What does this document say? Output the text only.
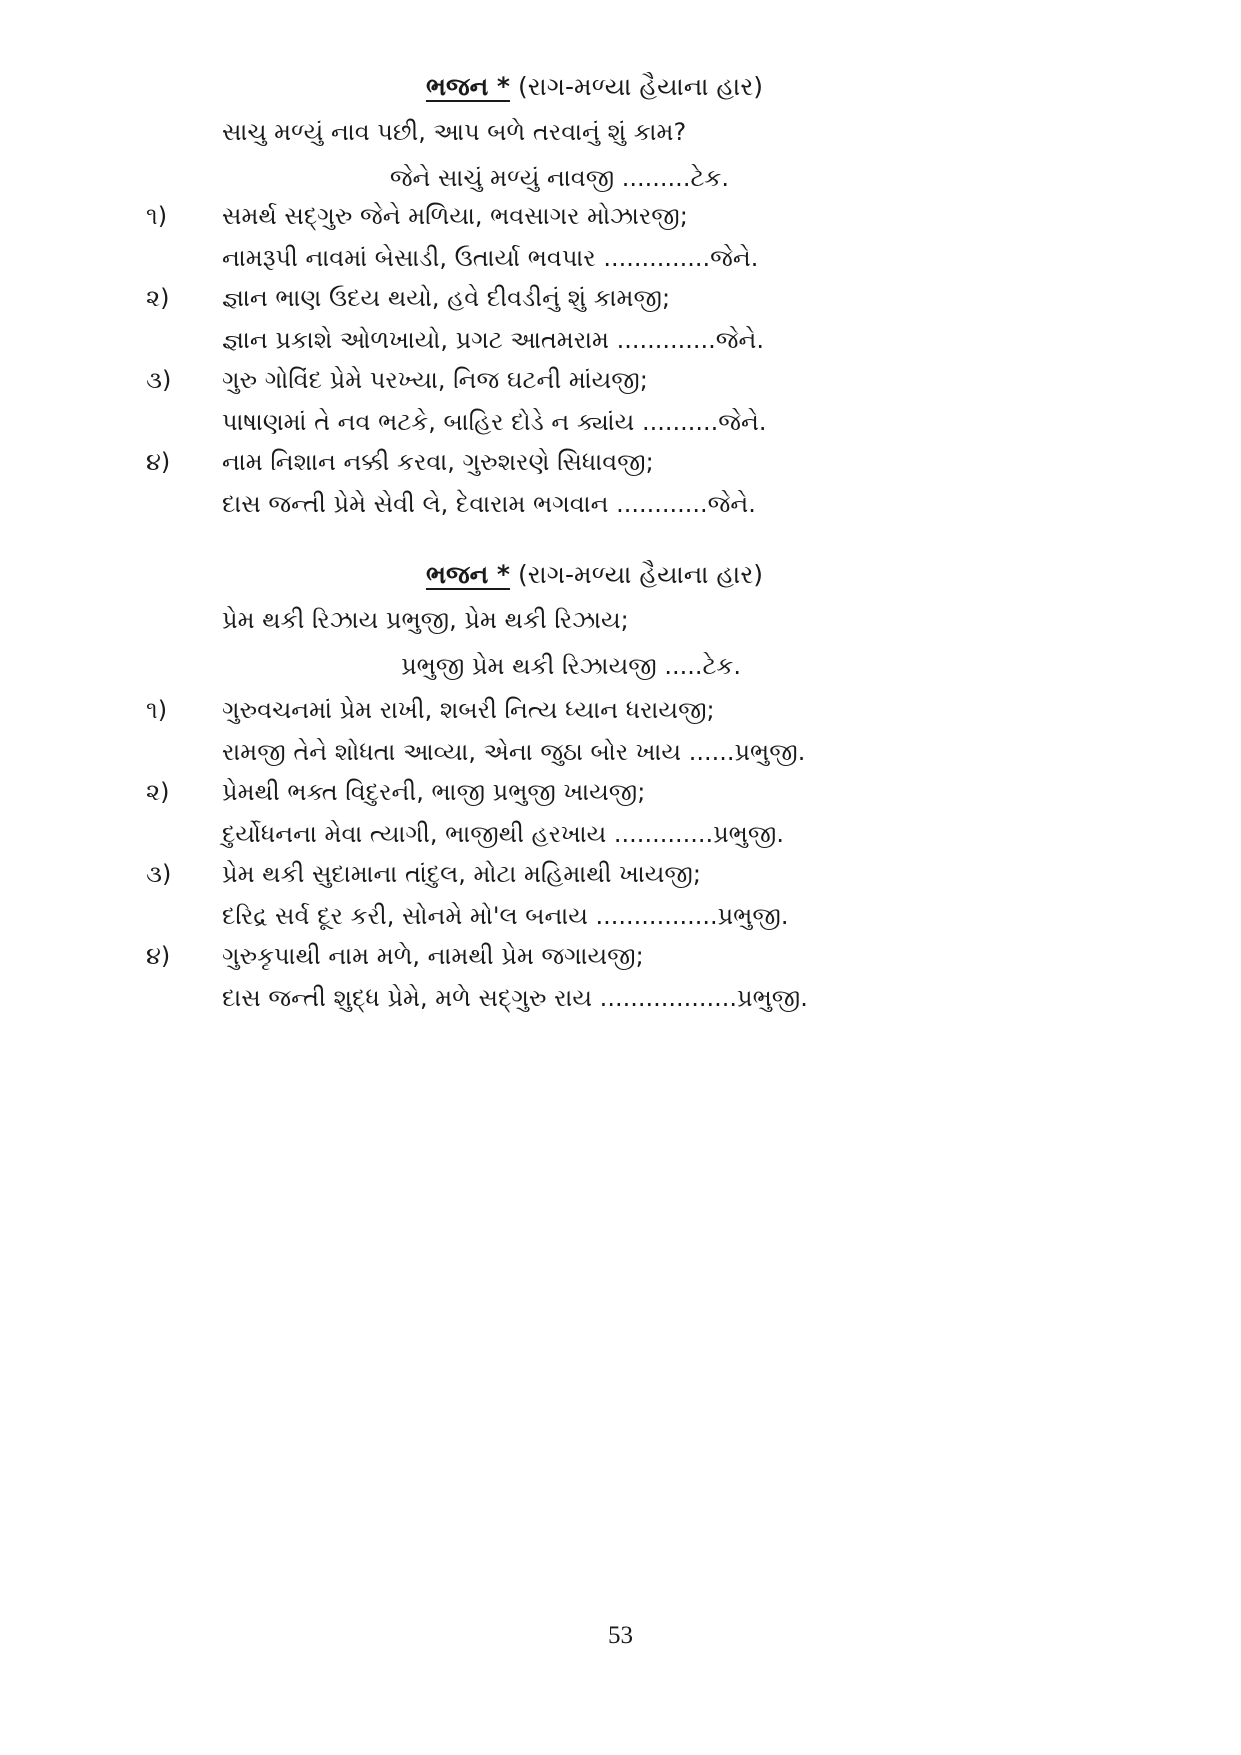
ભજન * (રાગ-મળ્યા હૈયાના હાર)
સાચુ મળ્યું નાવ પછી, આપ બળે તરવાનું શું કામ?
જેને સાચું મળ્યું નાવજી .........ટેક.
૧) સમર્થ સદ્‌ગુરુ જેને મળિયા, ભવસાગર મોઝારજી;
નામરૂપી નાવમાં બેસાડી, ઉતાર્યા ભવપાર ..............જેને.
૨) જ્ઞાન ભાણ ઉદય થયો, હવે દીવડીનું શું કામજી;
જ્ઞાન પ્રકાશે ઓળખાયો, પ્રગટ આતમરામ .............જેને.
૩) ગુરુ ગોવિંદ પ્રેમે પરખ્યા, નિજ ઘટની માંયજી;
પાષાણમાં તે નવ ભટકે, બાહિર દોડે ન ક્યાંય ..........જેને.
૪) નામ નિશાન નક્કી કરવા, ગુરુશરણે સિધાવજી;
દાસ જન્તી પ્રેમે સેવી લે, દેવારામ ભગવાન ............જેને.
ભજન * (રાગ-મળ્યા હૈયાના હાર)
પ્રેમ થકી રિઝાય પ્રભુજી, પ્રેમ થકી રિઝાય;
પ્રભુજી પ્રેમ થકી રિઝાયજી .....ટેક.
૧) ગુરુવચનમાં પ્રેમ રાખી, શબરી નિત્ય ધ્યાન ધરાયજી;
રામજી તેને શોધતા આવ્યા, એના જુઠા બોર ખાય ......પ્રભુજી.
૨) પ્રેમથી ભક્ત વિદુરની, ભાજી પ્રભુજી ખાયજી;
દુર્યોધનના મેવા ત્યાગી, ભાજીથી હરખાય .............પ્રભુજી.
૩) પ્રેમ થકી સુદામાના તાંદુલ, મોટા મહિમાથી ખાયજી;
દરિદ્ર સર્વ દૂર કરી, સોનમે મો'લ બનાય ................પ્રભુજી.
૪) ગુરુકૃપાથી નામ મળે, નામથી પ્રેમ જગાયજી;
દાસ જન્તી શુદ્ધ પ્રેમે, મળે સદ્‌ગુરુ રાય ..................પ્રભુજી.
53
